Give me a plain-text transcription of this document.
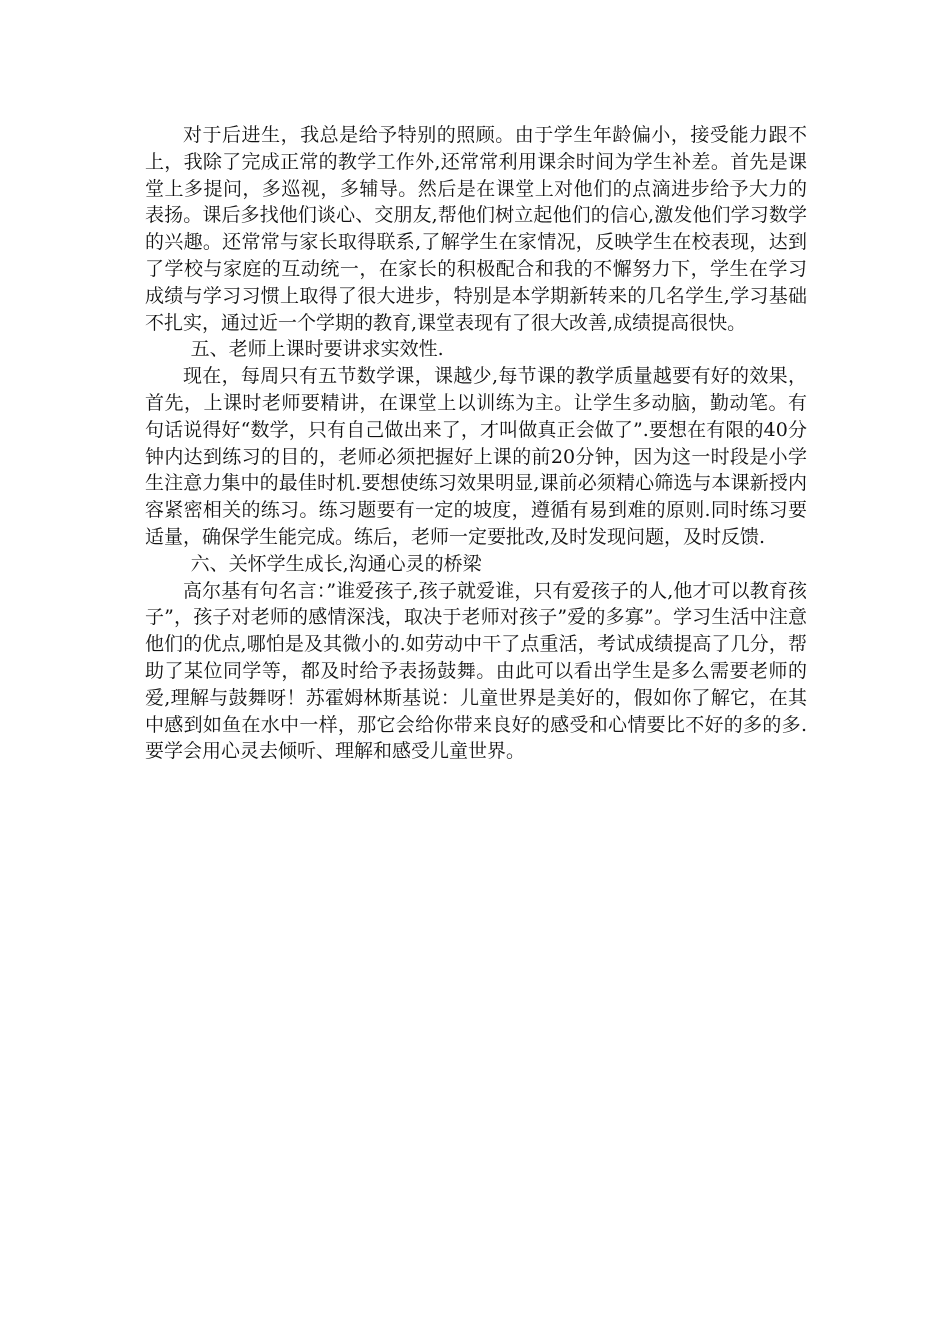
对于后进生，我总是给予特别的照顾。由于学生年龄偏小，接受能力跟不上，我除了完成正常的教学工作外,还常常利用课余时间为学生补差。首先是课堂上多提问，多巡视，多辅导。然后是在课堂上对他们的点滴进步给予大力的表扬。课后多找他们谈心、交朋友,帮他们树立起他们的信心,激发他们学习数学的兴趣。还常常与家长取得联系,了解学生在家情况，反映学生在校表现，达到了学校与家庭的互动统一，在家长的积极配合和我的不懈努力下，学生在学习成绩与学习习惯上取得了很大进步，特别是本学期新转来的几名学生,学习基础不扎实，通过近一个学期的教育,课堂表现有了很大改善,成绩提高很快。

五、老师上课时要讲求实效性.

现在，每周只有五节数学课，课越少,每节课的教学质量越要有好的效果，首先，上课时老师要精讲，在课堂上以训练为主。让学生多动脑，勤动笔。有句话说得好“数学，只有自己做出来了，才叫做真正会做了”.要想在有限的40分钟内达到练习的目的，老师必须把握好上课的前20分钟，因为这一时段是小学生注意力集中的最佳时机.要想使练习效果明显,课前必须精心筛选与本课新授内容紧密相关的练习。练习题要有一定的坡度，遵循有易到难的原则.同时练习要适量，确保学生能完成。练后，老师一定要批改,及时发现问题，及时反馈.

六、关怀学生成长,沟通心灵的桥梁

高尔基有句名言：”谁爱孩子,孩子就爱谁，只有爱孩子的人,他才可以教育孩子”，孩子对老师的感情深浅，取决于老师对孩子”爱的多寡”。学习生活中注意他们的优点,哪怕是及其微小的.如劳动中干了点重活，考试成绩提高了几分，帮助了某位同学等，都及时给予表扬鼓舞。由此可以看出学生是多么需要老师的爱,理解与鼓舞呀！苏霍姆林斯基说：儿童世界是美好的，假如你了解它，在其中感到如鱼在水中一样，那它会给你带来良好的感受和心情要比不好的多的多.要学会用心灵去倾听、理解和感受儿童世界。
